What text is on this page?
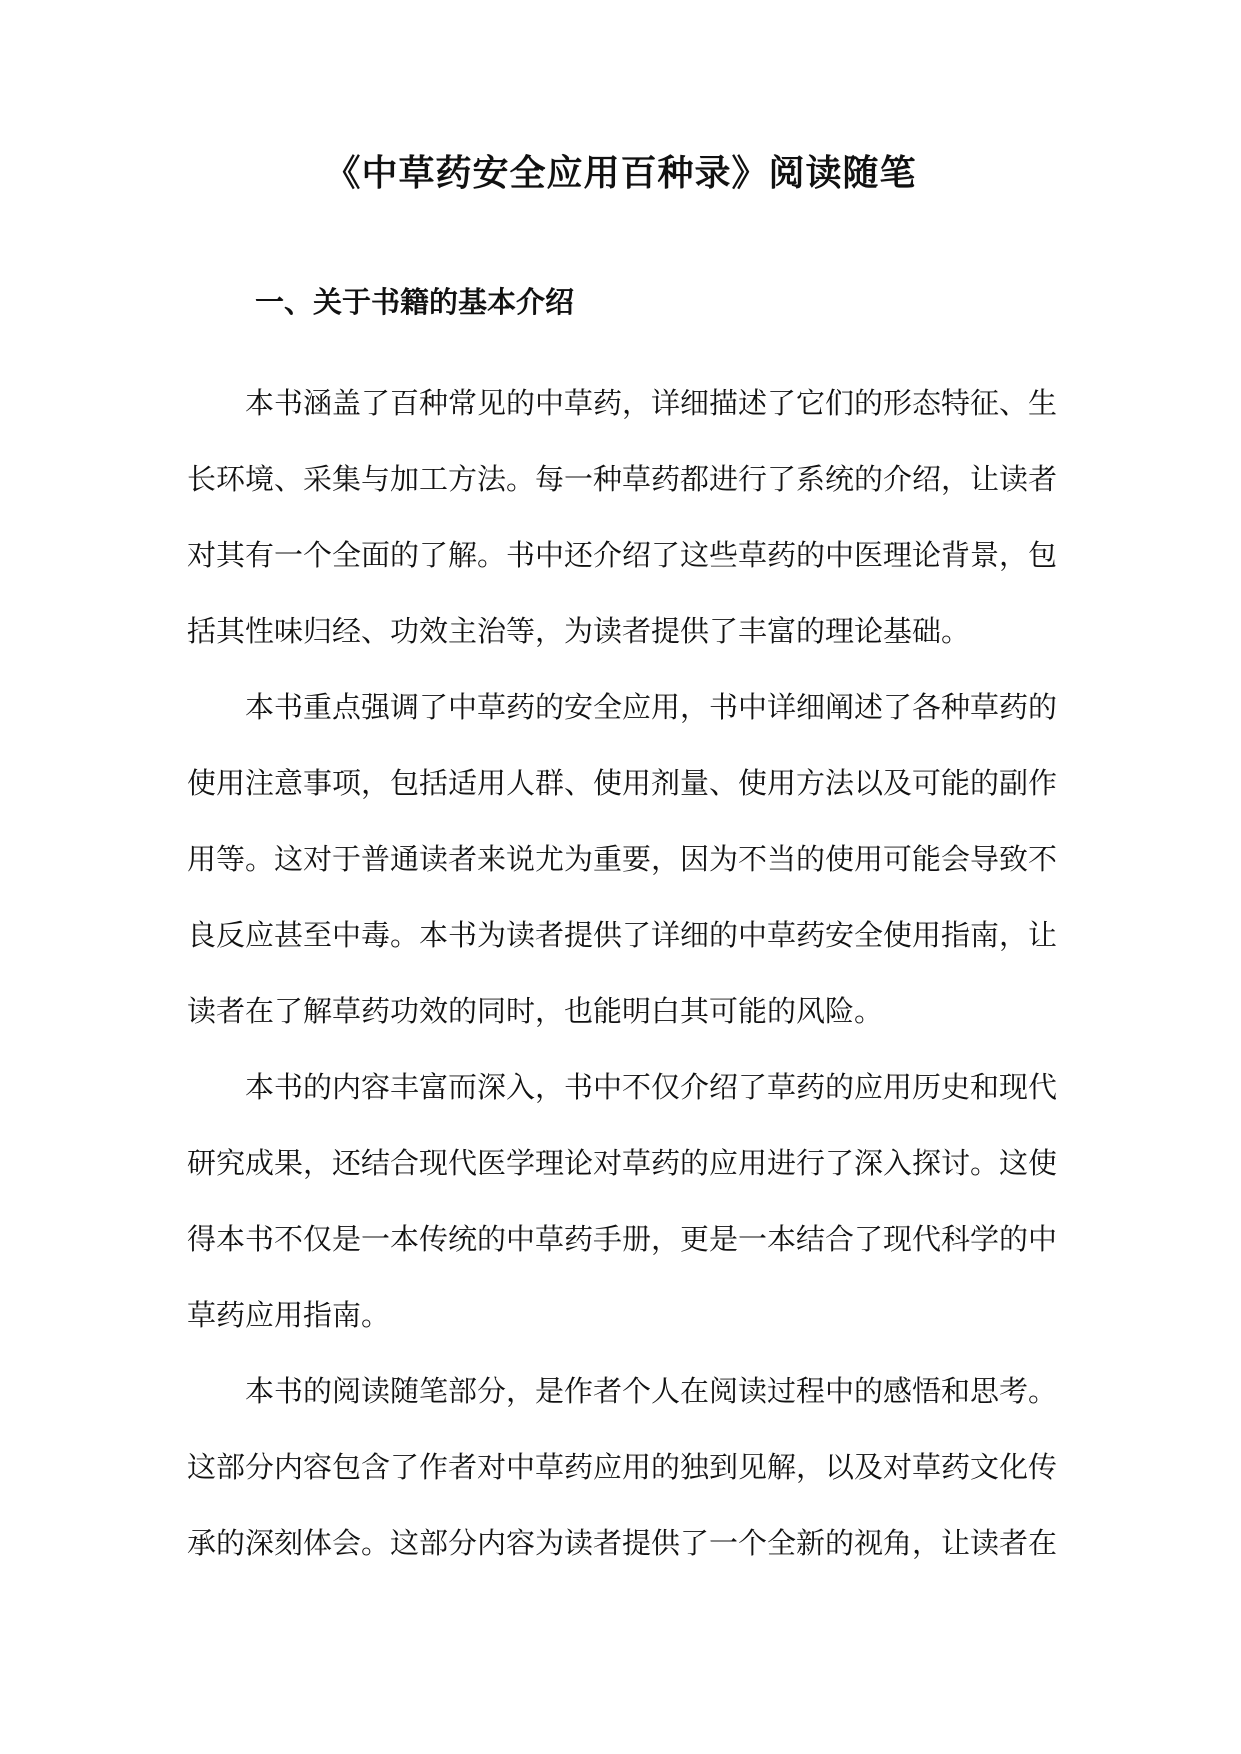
《中草药安全应用百种录》阅读随笔
一、关于书籍的基本介绍

本书涵盖了百种常见的中草药，详细描述了它们的形态特征、生长环境、采集与加工方法。每一种草药都进行了系统的介绍，让读者对其有一个全面的了解。书中还介绍了这些草药的中医理论背景，包括其性味归经、功效主治等，为读者提供了丰富的理论基础。

本书重点强调了中草药的安全应用，书中详细阐述了各种草药的使用注意事项，包括适用人群、使用剂量、使用方法以及可能的副作用等。这对于普通读者来说尤为重要，因为不当的使用可能会导致不良反应甚至中毒。本书为读者提供了详细的中草药安全使用指南，让读者在了解草药功效的同时，也能明白其可能的风险。

本书的内容丰富而深入，书中不仅介绍了草药的应用历史和现代研究成果，还结合现代医学理论对草药的应用进行了深入探讨。这使得本书不仅是一本传统的中草药手册，更是一本结合了现代科学的中草药应用指南。

本书的阅读随笔部分，是作者个人在阅读过程中的感悟和思考。这部分内容包含了作者对中草药应用的独到见解，以及对草药文化传承的深刻体会。这部分内容为读者提供了一个全新的视角，让读者在
